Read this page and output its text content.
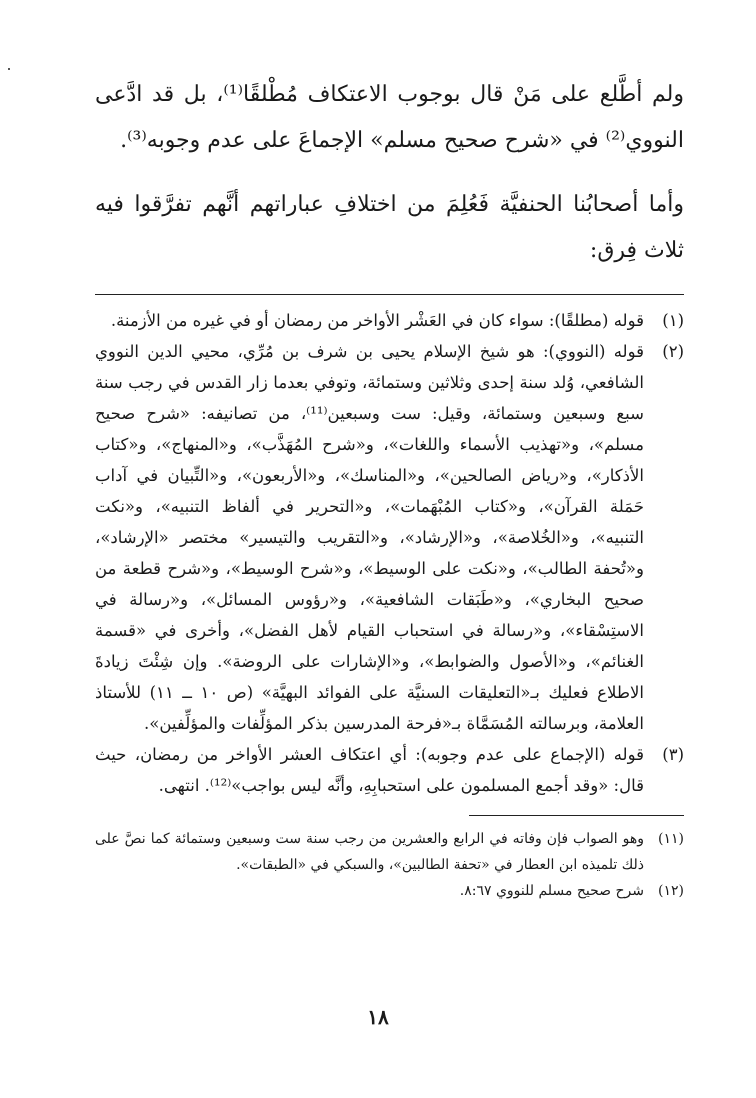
ولم أطَّلع على مَنْ قال بوجوب الاعتكاف مُطْلقًا⁽¹⁾، بل قد ادَّعى النووي⁽²⁾ في «شرح صحيح مسلم» الإجماعَ على عدم وجوبه⁽³⁾.

وأما أصحابُنا الحنفيَّة فَعُلِمَ من اختلافِ عباراتهم أنَّهم تفرَّقوا فيه ثلاث فِرق:

(١)
قوله (مطلقًا): سواء كان في العَشْر الأواخر من رمضان أو في غيره من الأزمنة.
(٢)
قوله (النووي): هو شيخ الإسلام يحيى بن شرف بن مُرِّي، محيي الدين النووي الشافعي، وُلد سنة إحدى وثلاثين وستمائة، وتوفي بعدما زار القدس في رجب سنة سبع وسبعين وستمائة، وقيل: ست وسبعين⁽¹¹⁾، من تصانيفه: «شرح صحيح مسلم»، و«تهذيب الأسماء واللغات»، و«شرح المُهَذَّب»، و«المنهاج»، و«كتاب الأذكار»، و«رياض الصالحين»، و«المناسك»، و«الأربعون»، و«التِّبيان في آداب حَمَلة القرآن»، و«كتاب المُبْهَمات»، و«التحرير في ألفاظ التنبيه»، و«نكت التنبيه»، و«الخُلاصة»، و«الإرشاد»، و«التقريب والتيسير» مختصر «الإرشاد»، و«تُحفة الطالب»، و«نكت على الوسيط»، و«شرح الوسيط»، و«شرح قطعة من صحيح البخاري»، و«طَبَقات الشافعية»، و«رؤوس المسائل»، و«رسالة في الاستِسْقاء»، و«رسالة في استحباب القيام لأهل الفضل»، وأخرى في «قسمة الغنائم»، و«الأصول والضوابط»، و«الإشارات على الروضة». وإن شِئْتَ زيادةَ الاطلاع فعليك بـ«التعليقات السنيَّة على الفوائد البهيَّة» (ص ١٠ ــ ١١) للأستاذ العلامة، وبرسالته المُسَمَّاة بـ«فرحة المدرسين بذكر المؤلِّفات والمؤلِّفين».
(٣)
قوله (الإجماع على عدم وجوبه): أي اعتكاف العشر الأواخر من رمضان، حيث قال: «وقد أجمع المسلمون على استحبابِهِ، وأنَّه ليس بواجب»⁽¹²⁾. انتهى.
(١١)
وهو الصواب فإن وفاته في الرابع والعشرين من رجب سنة ست وسبعين وستمائة كما نصَّ على ذلك تلميذه ابن العطار في «تحفة الطالبين»، والسبكي في «الطبقات».
(١٢)
شرح صحيح مسلم للنووي ٨:٦٧.
١٨
